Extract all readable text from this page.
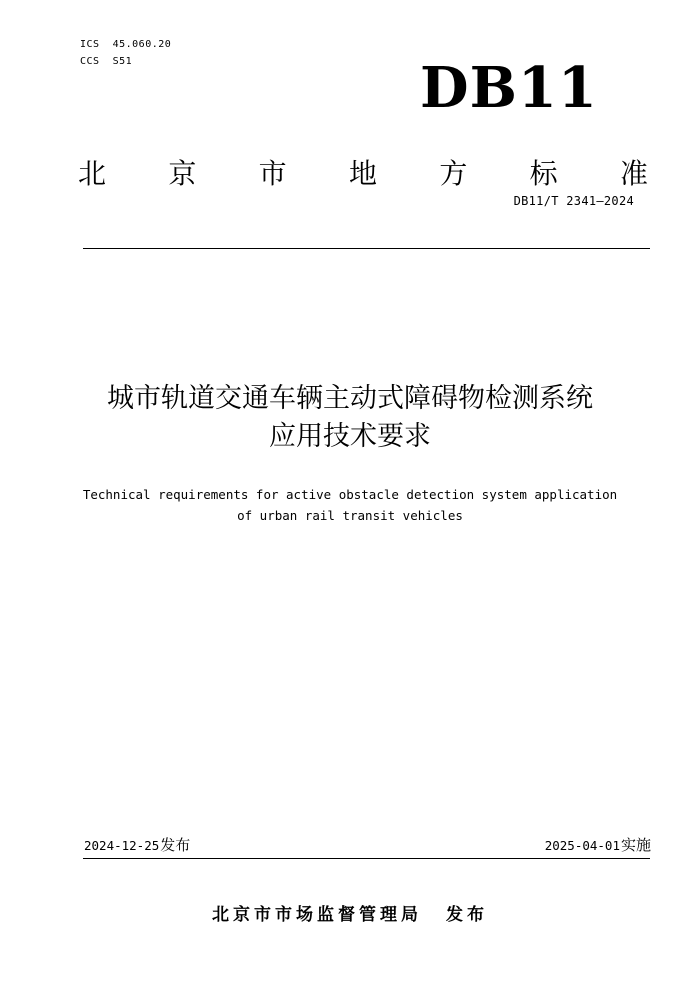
ICS  45.060.20
CCS  S51	DB11
北 京 市 地 方 标 准
DB11/T 2341—2024
城市轨道交通车辆主动式障碍物检测系统
应用技术要求
Technical requirements for active obstacle detection system application
of urban rail transit vehicles
2024-12-25发布	2025-04-01实施
北京市市场监督管理局 发布
